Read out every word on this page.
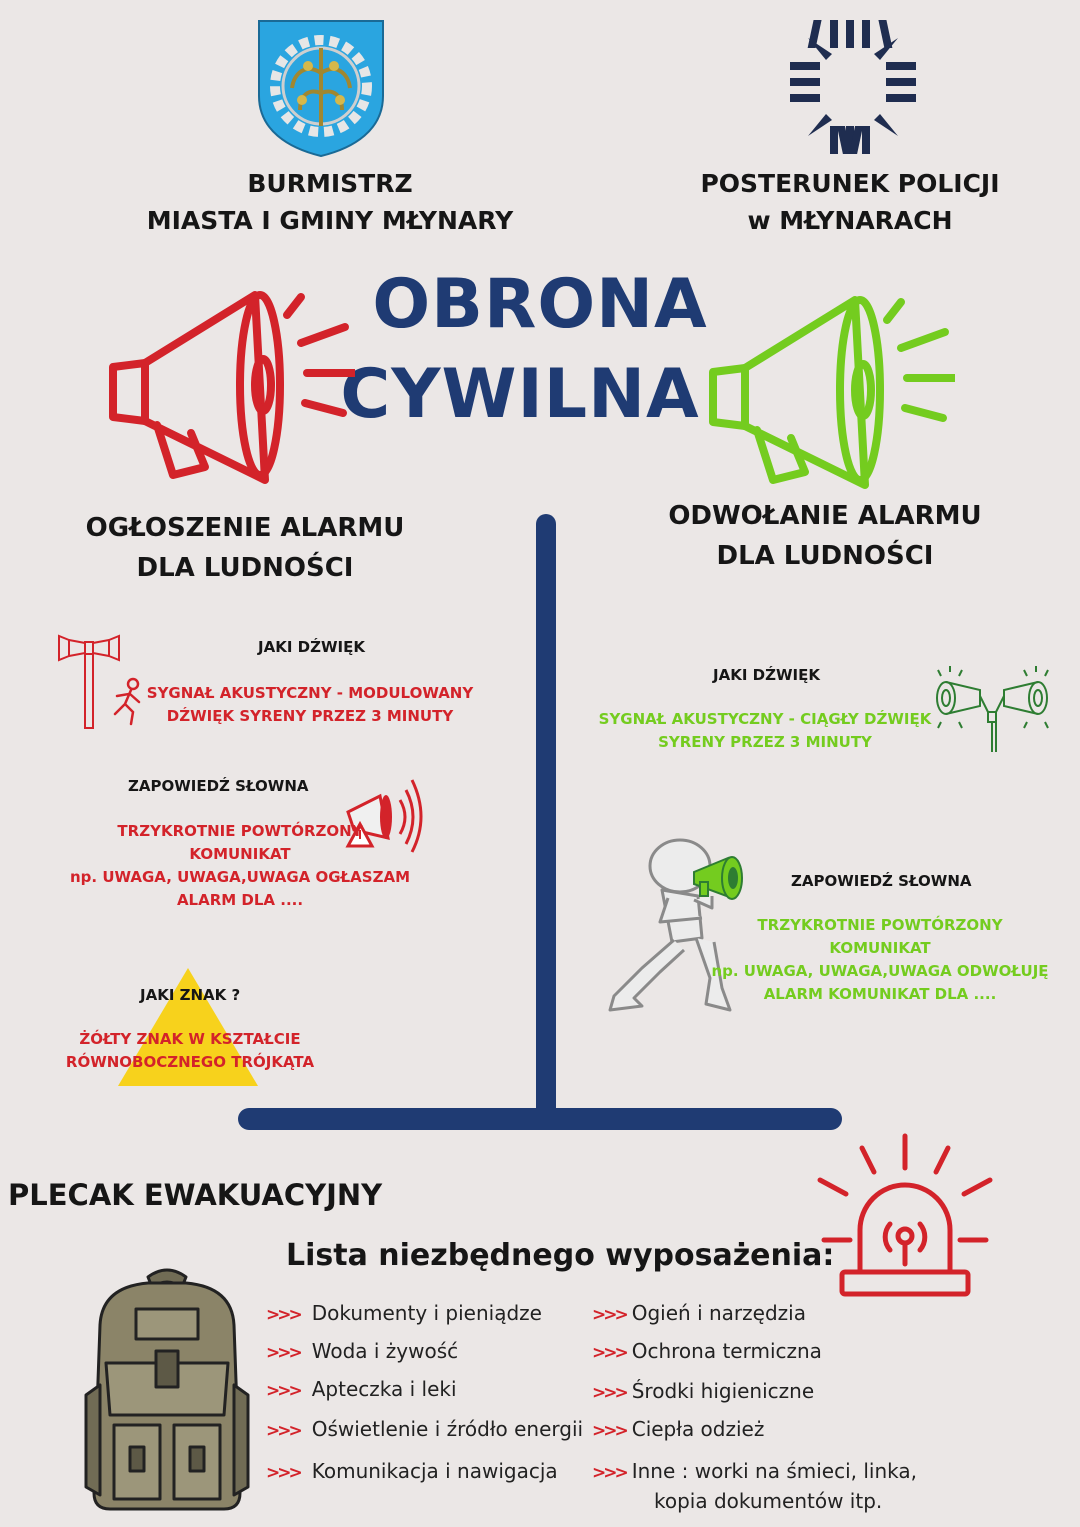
BURMISTRZ
MIASTA I GMINY MŁYNARY
POSTERUNEK POLICJI
w MŁYNARACH
OBRONA
CYWILNA
OGŁOSZENIE ALARMU
DLA LUDNOŚCI
JAKI DŹWIĘK
SYGNAŁ AKUSTYCZNY - MODULOWANY
DŹWIĘK SYRENY PRZEZ 3 MINUTY
ZAPOWIEDŹ SŁOWNA
TRZYKROTNIE POWTÓRZONY
KOMUNIKAT
np. UWAGA, UWAGA,UWAGA OGŁASZAM
ALARM DLA ....
JAKI ZNAK ?
ŻÓŁTY ZNAK W KSZTAŁCIE
RÓWNOBOCZNEGO TRÓJKĄTA
ODWOŁANIE ALARMU
DLA LUDNOŚCI
JAKI DŹWIĘK
SYGNAŁ AKUSTYCZNY - CIĄGŁY DŹWIĘK
SYRENY PRZEZ 3 MINUTY
ZAPOWIEDŹ SŁOWNA
TRZYKROTNIE POWTÓRZONY
KOMUNIKAT
np. UWAGA, UWAGA,UWAGA ODWOŁUJĘ
ALARM KOMUNIKAT DLA ....
PLECAK EWAKUACYJNY
Lista niezbędnego wyposażenia:
>>> Dokumenty i pieniądze
>>> Woda i żywość
>>> Apteczka i leki
>>> Oświetlenie i źródło energii
>>> Komunikacja i nawigacja
>>> Ogień i narzędzia
>>> Ochrona termiczna
>>> Środki higieniczne
>>> Ciepła odzież
>>> Inne : worki na śmieci, linka,
kopia dokumentów itp.
